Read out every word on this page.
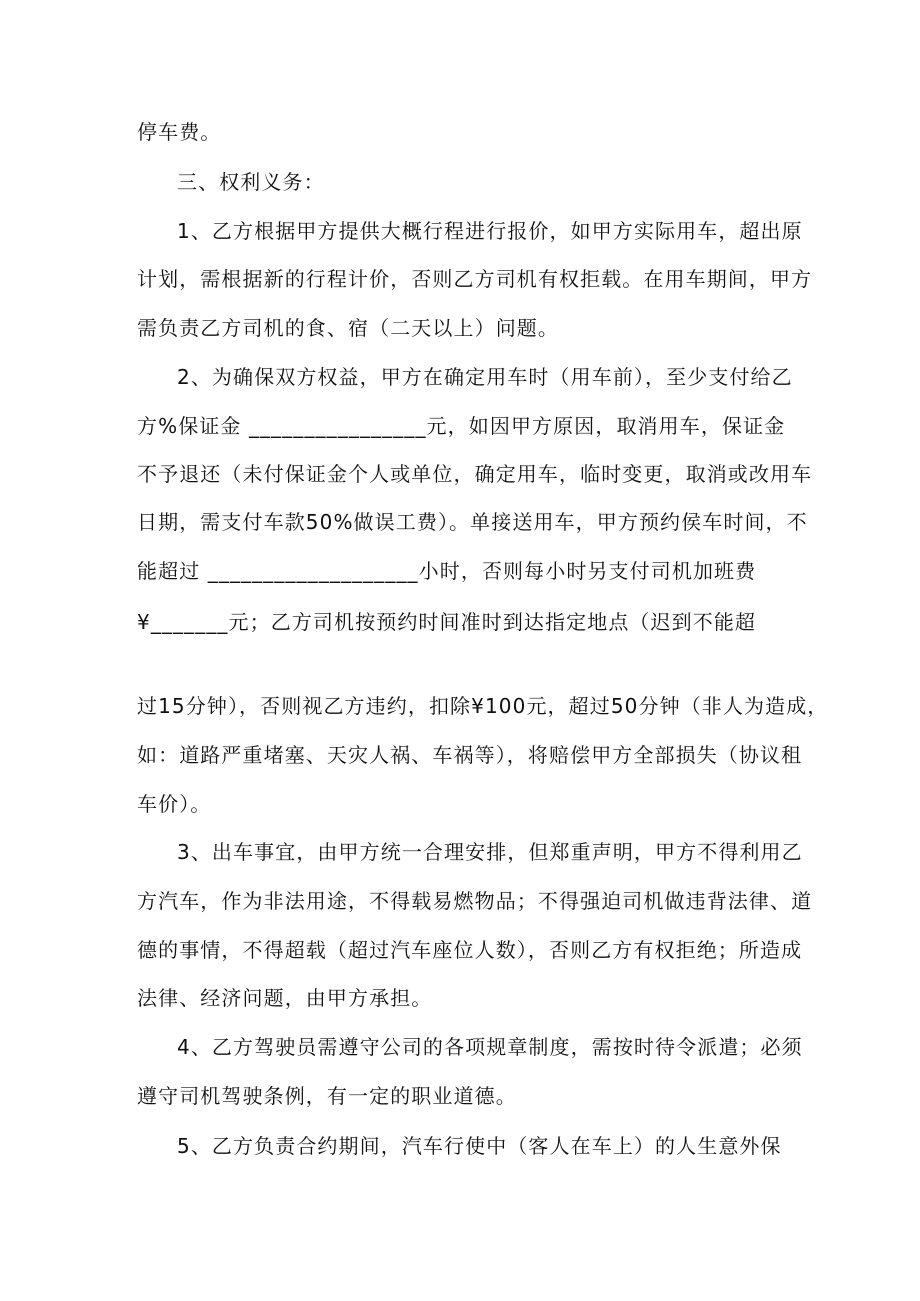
停车费。
三、权利义务：
1、乙方根据甲方提供大概行程进行报价，如甲方实际用车，超出原
计划，需根据新的行程计价，否则乙方司机有权拒载。在用车期间，甲方
需负责乙方司机的食、宿（二天以上）问题。
2、为确保双方权益，甲方在确定用车时（用车前），至少支付给乙
方%保证金 ________________元，如因甲方原因，取消用车，保证金
不予退还（未付保证金个人或单位，确定用车，临时变更，取消或改用车
日期，需支付车款50%做误工费）。单接送用车，甲方预约侯车时间，不
能超过 ___________________小时，否则每小时另支付司机加班费
¥_______元；乙方司机按预约时间准时到达指定地点（迟到不能超
过15分钟），否则视乙方违约，扣除¥100元，超过50分钟（非人为造成，
如：道路严重堵塞、天灾人祸、车祸等），将赔偿甲方全部损失（协议租
车价）。
3、出车事宜，由甲方统一合理安排，但郑重声明，甲方不得利用乙
方汽车，作为非法用途，不得载易燃物品；不得强迫司机做违背法律、道
德的事情，不得超载（超过汽车座位人数），否则乙方有权拒绝；所造成
法律、经济问题，由甲方承担。
4、乙方驾驶员需遵守公司的各项规章制度，需按时待令派遣；必须
遵守司机驾驶条例，有一定的职业道德。
5、乙方负责合约期间，汽车行使中（客人在车上）的人生意外保
